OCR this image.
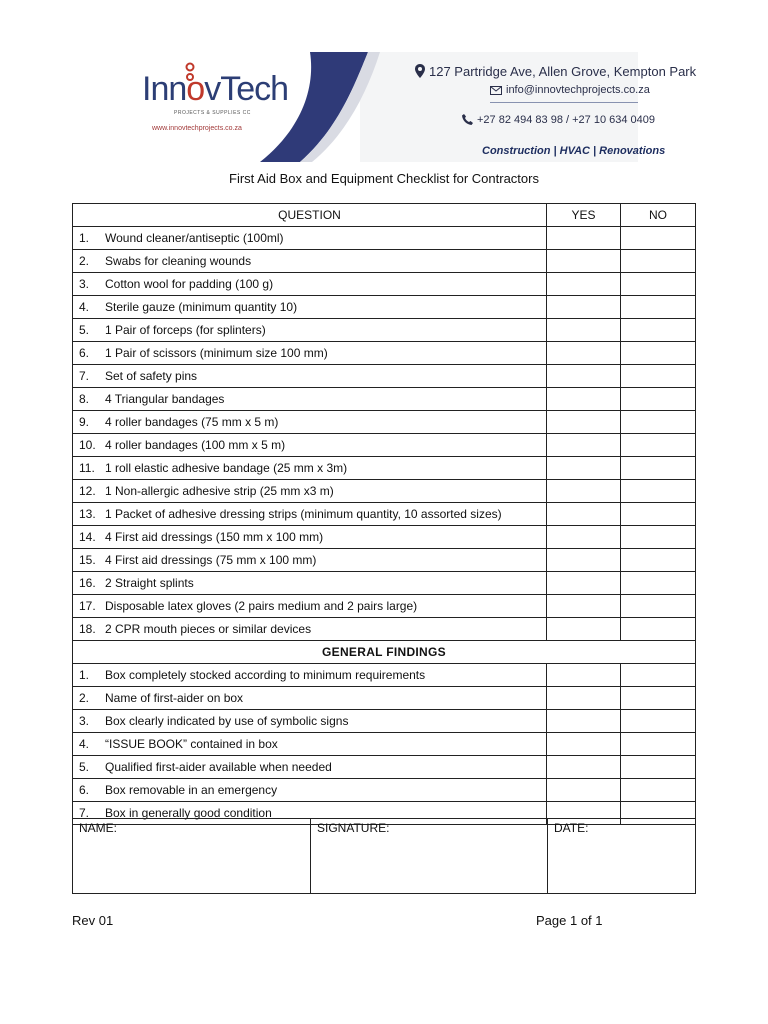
InnovTech
PROJECTS & SUPPLIES CC
www.innovtechprojects.co.za
127 Partridge Ave, Allen Grove, Kempton Park
info@innovtechprojects.co.za
+27 82 494 83 98 / +27 10 634 0409
Construction | HVAC | Renovations
First Aid Box and Equipment Checklist for Contractors
QUESTION	YES	NO
1. Wound cleaner/antiseptic (100ml)		
2. Swabs for cleaning wounds		
3. Cotton wool for padding (100 g)		
4. Sterile gauze (minimum quantity 10)		
5. 1 Pair of forceps (for splinters)		
6. 1 Pair of scissors (minimum size 100 mm)		
7. Set of safety pins		
8. 4 Triangular bandages		
9. 4 roller bandages (75 mm x 5 m)		
10. 4 roller bandages (100 mm x 5 m)		
11. 1 roll elastic adhesive bandage (25 mm x 3m)		
12. 1 Non-allergic adhesive strip (25 mm x3 m)		
13. 1 Packet of adhesive dressing strips (minimum quantity, 10 assorted sizes)		
14. 4 First aid dressings (150 mm x 100 mm)		
15. 4 First aid dressings (75 mm x 100 mm)		
16. 2 Straight splints		
17. Disposable latex gloves (2 pairs medium and 2 pairs large)		
18. 2 CPR mouth pieces or similar devices		
GENERAL FINDINGS		
1. Box completely stocked according to minimum requirements		
2. Name of first-aider on box		
3. Box clearly indicated by use of symbolic signs		
4. “ISSUE BOOK” contained in box		
5. Qualified first-aider available when needed		
6. Box removable in an emergency		
7. Box in generally good condition		
NAME:	SIGNATURE:	DATE:
Rev 01	Page 1 of 1
